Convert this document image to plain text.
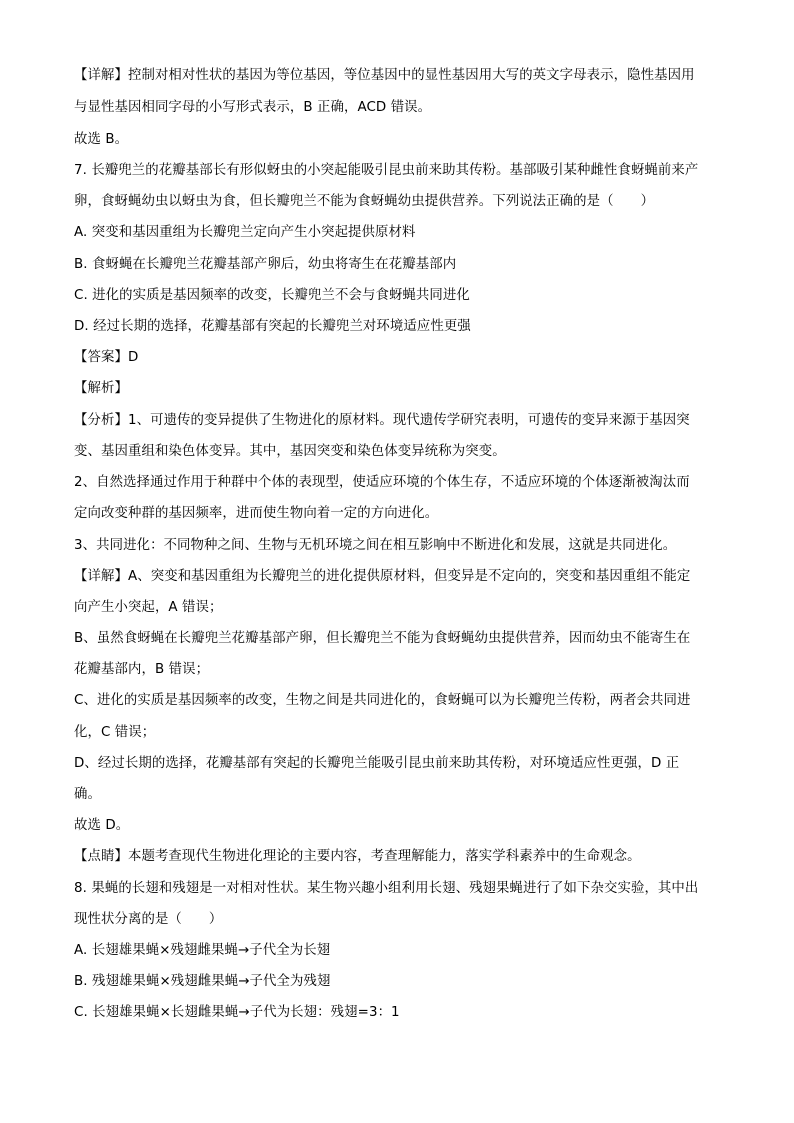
【详解】控制对相对性状的基因为等位基因，等位基因中的显性基因用大写的英文字母表示，隐性基因用
与显性基因相同字母的小写形式表示，B 正确，ACD 错误。
故选 B。
7. 长瓣兜兰的花瓣基部长有形似蚜虫的小突起能吸引昆虫前来助其传粉。基部吸引某种雌性食蚜蝇前来产
卵，食蚜蝇幼虫以蚜虫为食，但长瓣兜兰不能为食蚜蝇幼虫提供营养。下列说法正确的是（　　）
A. 突变和基因重组为长瓣兜兰定向产生小突起提供原材料
B. 食蚜蝇在长瓣兜兰花瓣基部产卵后，幼虫将寄生在花瓣基部内
C. 进化的实质是基因频率的改变，长瓣兜兰不会与食蚜蝇共同进化
D. 经过长期的选择，花瓣基部有突起的长瓣兜兰对环境适应性更强
【答案】D
【解析】
【分析】1、可遗传的变异提供了生物进化的原材料。现代遗传学研究表明，可遗传的变异来源于基因突
变、基因重组和染色体变异。其中，基因突变和染色体变异统称为突变。
2、自然选择通过作用于种群中个体的表现型，使适应环境的个体生存，不适应环境的个体逐渐被淘汰而
定向改变种群的基因频率，进而使生物向着一定的方向进化。
3、共同进化：不同物种之间、生物与无机环境之间在相互影响中不断进化和发展，这就是共同进化。
【详解】A、突变和基因重组为长瓣兜兰的进化提供原材料，但变异是不定向的，突变和基因重组不能定
向产生小突起，A 错误；
B、虽然食蚜蝇在长瓣兜兰花瓣基部产卵，但长瓣兜兰不能为食蚜蝇幼虫提供营养，因而幼虫不能寄生在
花瓣基部内，B 错误；
C、进化的实质是基因频率的改变，生物之间是共同进化的，食蚜蝇可以为长瓣兜兰传粉，两者会共同进
化，C 错误；
D、经过长期的选择，花瓣基部有突起的长瓣兜兰能吸引昆虫前来助其传粉，对环境适应性更强，D 正
确。
故选 D。
【点睛】本题考查现代生物进化理论的主要内容，考查理解能力，落实学科素养中的生命观念。
8. 果蝇的长翅和残翅是一对相对性状。某生物兴趣小组利用长翅、残翅果蝇进行了如下杂交实验，其中出
现性状分离的是（　　）
A. 长翅雄果蝇×残翅雌果蝇→子代全为长翅
B. 残翅雄果蝇×残翅雌果蝇→子代全为残翅
C. 长翅雄果蝇×长翅雌果蝇→子代为长翅：残翅=3：1
